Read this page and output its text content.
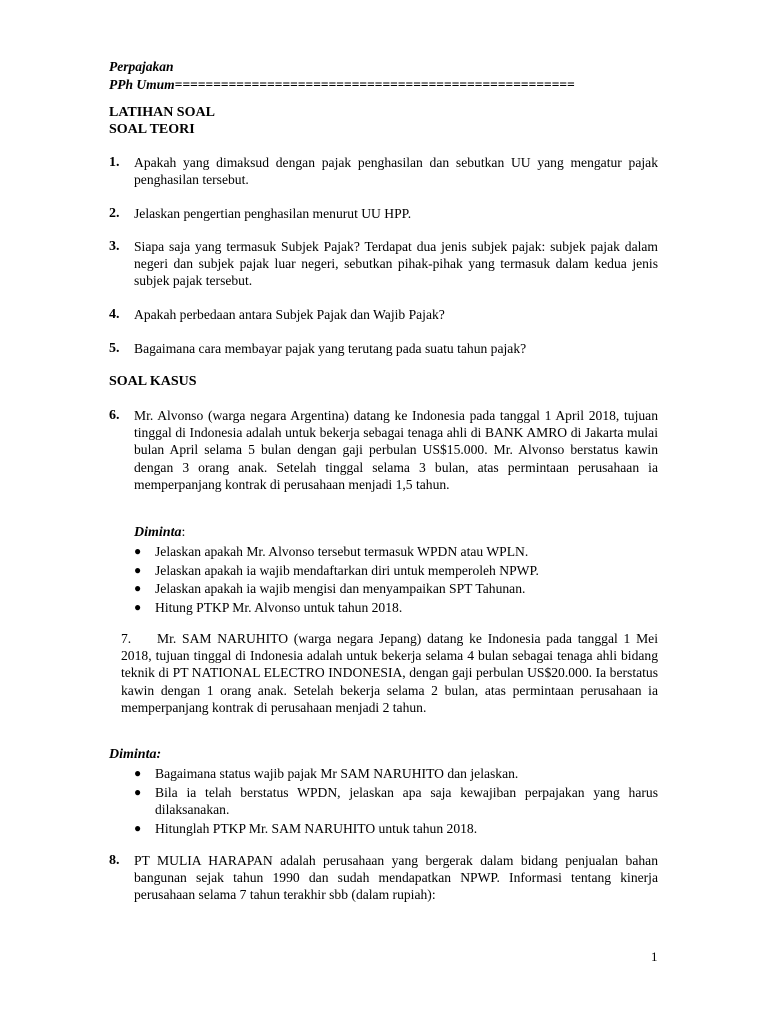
Perpajakan
PPh Umum====================================================
LATIHAN SOAL
SOAL TEORI
1.	Apakah yang dimaksud dengan pajak penghasilan dan sebutkan UU yang mengatur pajak penghasilan tersebut.
2.	Jelaskan pengertian penghasilan menurut UU HPP.
3.	Siapa saja yang termasuk Subjek Pajak? Terdapat dua jenis subjek pajak: subjek pajak dalam negeri dan subjek pajak luar negeri, sebutkan pihak-pihak yang termasuk dalam kedua jenis subjek pajak tersebut.
4.	Apakah perbedaan antara Subjek Pajak dan Wajib Pajak?
5.	Bagaimana cara membayar pajak yang terutang pada suatu tahun pajak?
SOAL KASUS
6.	Mr. Alvonso (warga negara Argentina) datang ke Indonesia pada tanggal 1 April 2018, tujuan tinggal di Indonesia adalah untuk bekerja sebagai tenaga ahli di BANK AMRO di Jakarta mulai bulan April selama 5 bulan dengan gaji perbulan US$15.000. Mr. Alvonso berstatus kawin dengan 3 orang anak. Setelah tinggal selama 3 bulan, atas permintaan perusahaan ia memperpanjang kontrak di perusahaan menjadi 1,5 tahun.
Diminta:
● Jelaskan apakah Mr. Alvonso tersebut termasuk WPDN atau WPLN.
● Jelaskan apakah ia wajib mendaftarkan diri untuk memperoleh NPWP.
● Jelaskan apakah ia wajib mengisi dan menyampaikan SPT Tahunan.
● Hitung PTKP Mr. Alvonso untuk tahun 2018.
7. Mr. SAM NARUHITO (warga negara Jepang) datang ke Indonesia pada tanggal 1 Mei 2018, tujuan tinggal di Indonesia adalah untuk bekerja selama 4 bulan sebagai tenaga ahli bidang teknik di PT NATIONAL ELECTRO INDONESIA, dengan gaji perbulan US$20.000. Ia berstatus kawin dengan 1 orang anak. Setelah bekerja selama 2 bulan, atas permintaan perusahaan ia memperpanjang kontrak di perusahaan menjadi 2 tahun.
Diminta:
● Bagaimana status wajib pajak Mr SAM NARUHITO dan jelaskan.
● Bila ia telah berstatus WPDN, jelaskan apa saja kewajiban perpajakan yang harus dilaksanakan.
● Hitunglah PTKP Mr. SAM NARUHITO untuk tahun 2018.
8.	PT MULIA HARAPAN adalah perusahaan yang bergerak dalam bidang penjualan bahan bangunan sejak tahun 1990 dan sudah mendapatkan NPWP. Informasi tentang kinerja perusahaan selama 7 tahun terakhir sbb (dalam rupiah):
1
